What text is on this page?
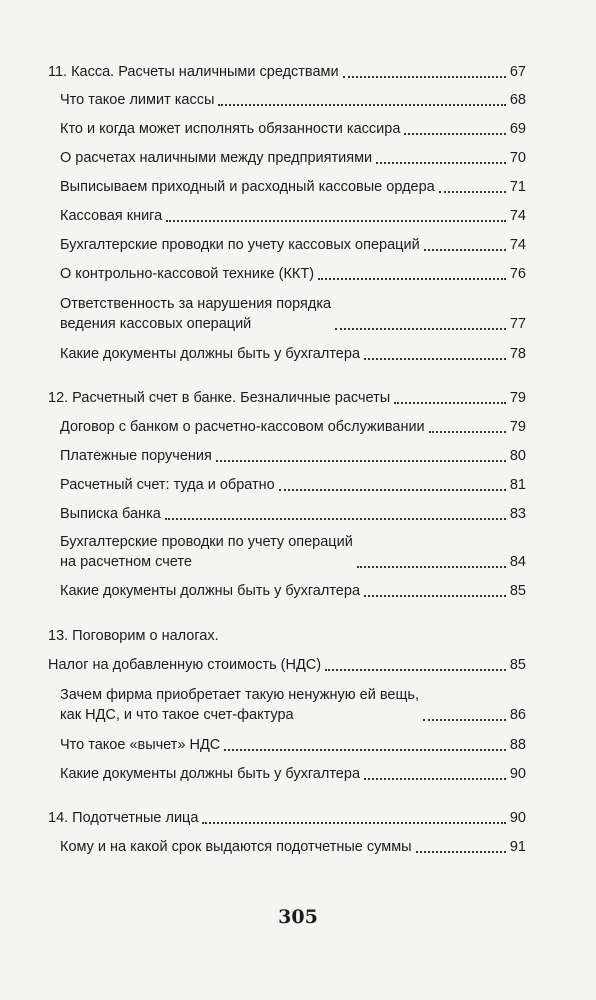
11. Касса. Расчеты наличными средствами	67
Что такое лимит кассы	68
Кто и когда может исполнять обязанности кассира	69
О расчетах наличными между предприятиями	70
Выписываем приходный и расходный кассовые ордера	71
Кассовая книга	74
Бухгалтерские проводки по учету кассовых операций	74
О контрольно-кассовой технике (ККТ)	76
Ответственность за нарушения порядка
ведения кассовых операций	77
Какие документы должны быть у бухгалтера	78
12. Расчетный счет в банке. Безналичные расчеты	79
Договор с банком о расчетно-кассовом обслуживании	79
Платежные поручения	80
Расчетный счет: туда и обратно	81
Выписка банка	83
Бухгалтерские проводки по учету операций
на расчетном счете	84
Какие документы должны быть у бухгалтера	85
13. Поговорим о налогах.
Налог на добавленную стоимость (НДС)	85
Зачем фирма приобретает такую ненужную ей вещь,
как НДС, и что такое счет-фактура	86
Что такое «вычет» НДС	88
Какие документы должны быть у бухгалтера	90
14. Подотчетные лица	90
Кому и на какой срок выдаются подотчетные суммы	91
305
